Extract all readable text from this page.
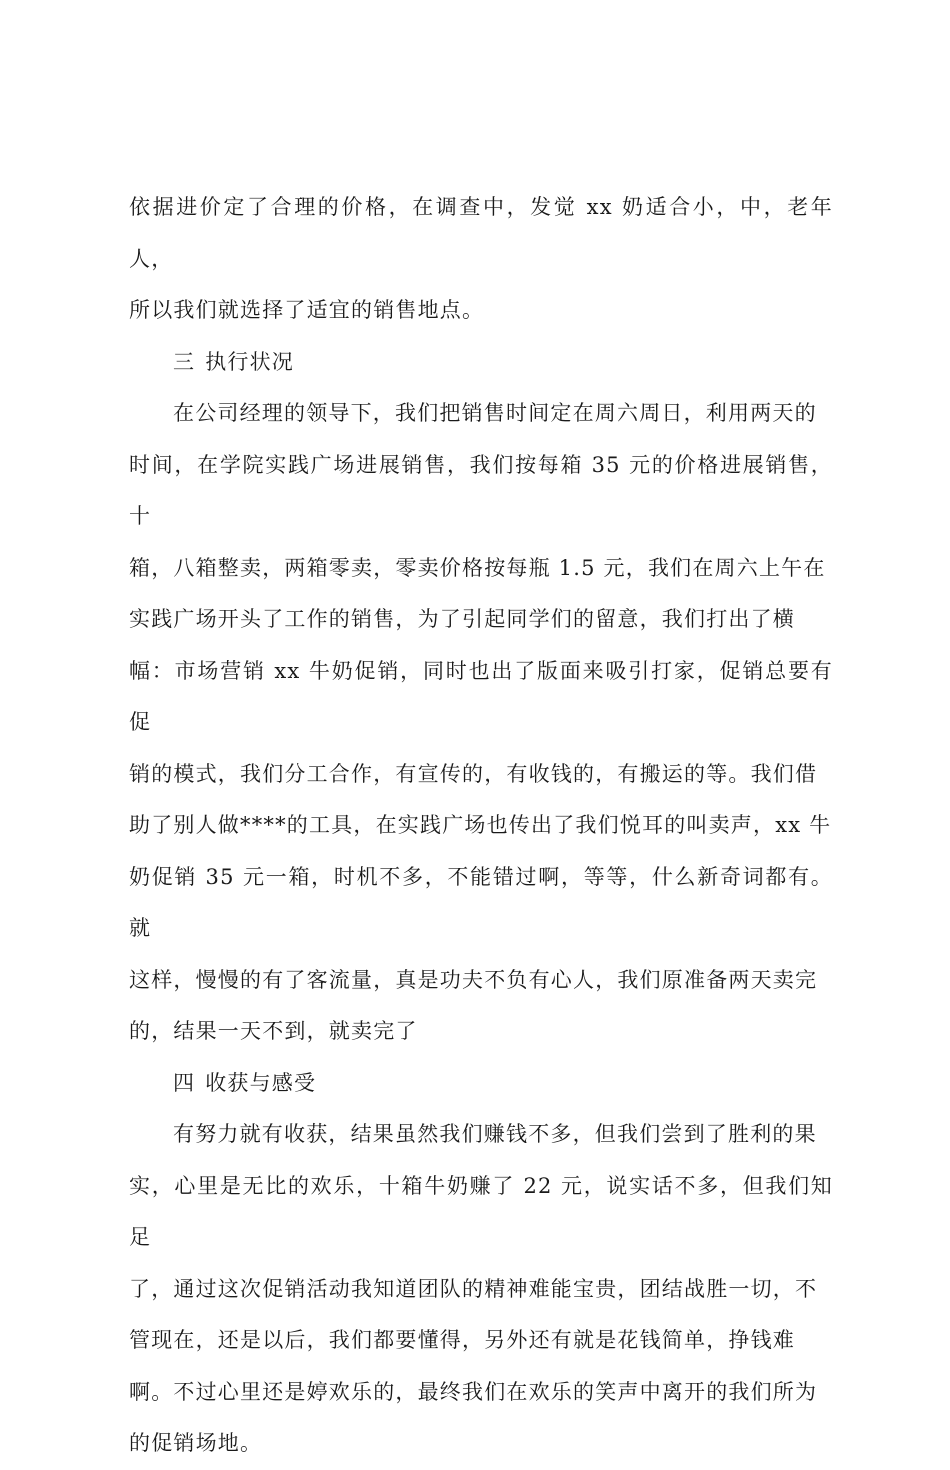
依据进价定了合理的价格，在调查中，发觉 xx 奶适合小，中，老年人，
所以我们就选择了适宜的销售地点。
三 执行状况
在公司经理的领导下，我们把销售时间定在周六周日，利用两天的
时间，在学院实践广场进展销售，我们按每箱 35 元的价格进展销售，十
箱，八箱整卖，两箱零卖，零卖价格按每瓶 1.5 元，我们在周六上午在
实践广场开头了工作的销售，为了引起同学们的留意，我们打出了横
幅：市场营销 xx 牛奶促销，同时也出了版面来吸引打家，促销总要有促
销的模式，我们分工合作，有宣传的，有收钱的，有搬运的等。我们借
助了别人做****的工具，在实践广场也传出了我们悦耳的叫卖声，xx 牛
奶促销 35 元一箱，时机不多，不能错过啊，等等，什么新奇词都有。就
这样，慢慢的有了客流量，真是功夫不负有心人，我们原准备两天卖完
的，结果一天不到，就卖完了
四 收获与感受
有努力就有收获，结果虽然我们赚钱不多，但我们尝到了胜利的果
实，心里是无比的欢乐，十箱牛奶赚了 22 元，说实话不多，但我们知足
了，通过这次促销活动我知道团队的精神难能宝贵，团结战胜一切，不
管现在，还是以后，我们都要懂得，另外还有就是花钱简单，挣钱难
啊。不过心里还是婷欢乐的，最终我们在欢乐的笑声中离开的我们所为
的促销场地。
